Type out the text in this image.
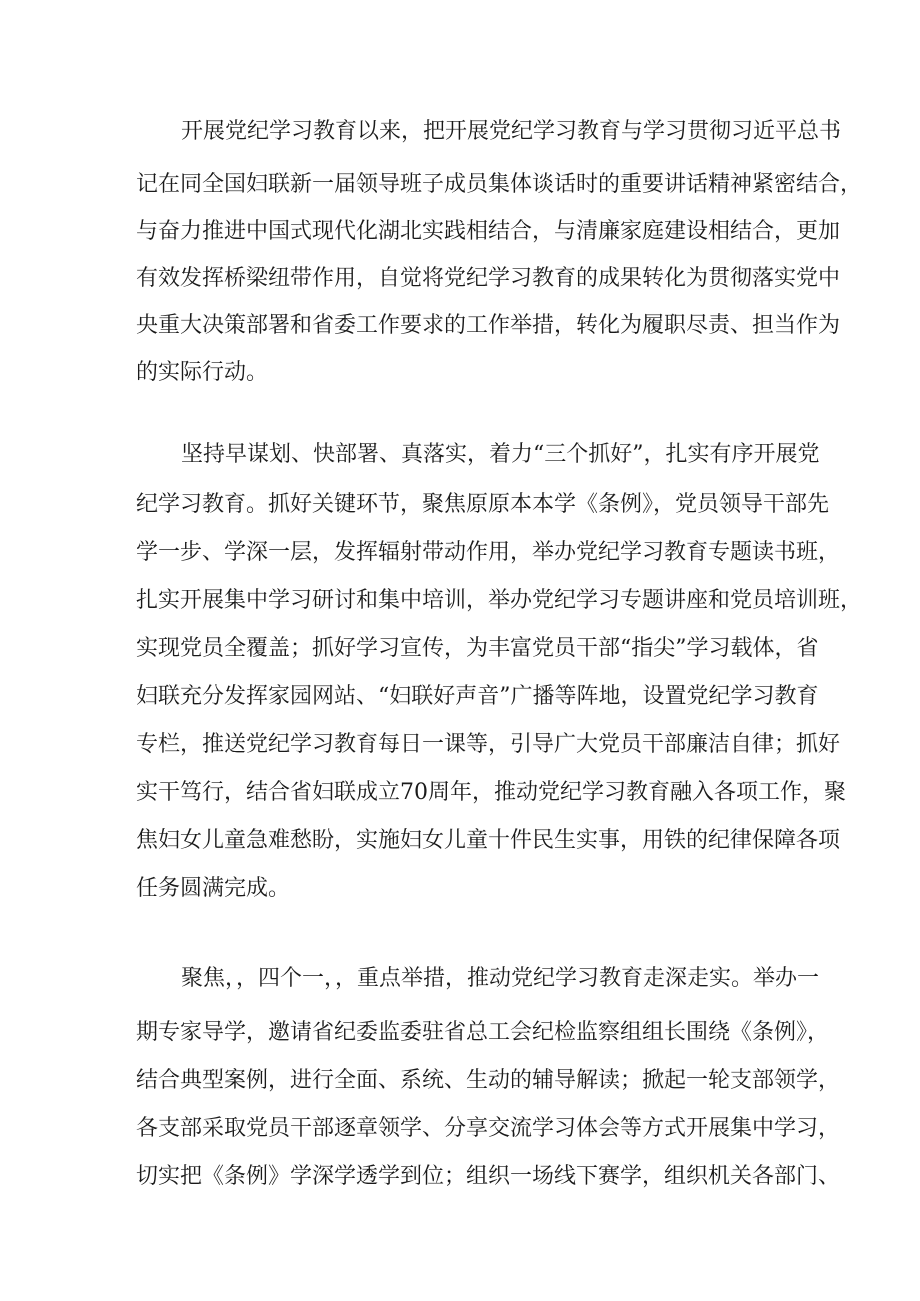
开展党纪学习教育以来，把开展党纪学习教育与学习贯彻习近平总书
记在同全国妇联新一届领导班子成员集体谈话时的重要讲话精神紧密结合，
与奋力推进中国式现代化湖北实践相结合，与清廉家庭建设相结合，更加
有效发挥桥梁纽带作用，自觉将党纪学习教育的成果转化为贯彻落实党中
央重大决策部署和省委工作要求的工作举措，转化为履职尽责、担当作为
的实际行动。
坚持早谋划、快部署、真落实，着力“三个抓好”，扎实有序开展党
纪学习教育。抓好关键环节，聚焦原原本本学《条例》，党员领导干部先
学一步、学深一层，发挥辐射带动作用，举办党纪学习教育专题读书班，
扎实开展集中学习研讨和集中培训，举办党纪学习专题讲座和党员培训班，
实现党员全覆盖；抓好学习宣传，为丰富党员干部“指尖”学习载体，省
妇联充分发挥家园网站、“妇联好声音”广播等阵地，设置党纪学习教育
专栏，推送党纪学习教育每日一课等，引导广大党员干部廉洁自律；抓好
实干笃行，结合省妇联成立70周年，推动党纪学习教育融入各项工作，聚
焦妇女儿童急难愁盼，实施妇女儿童十件民生实事，用铁的纪律保障各项
任务圆满完成。
聚焦，，四个一，，重点举措，推动党纪学习教育走深走实。举办一
期专家导学，邀请省纪委监委驻省总工会纪检监察组组长围绕《条例》，
结合典型案例，进行全面、系统、生动的辅导解读；掀起一轮支部领学，
各支部采取党员干部逐章领学、分享交流学习体会等方式开展集中学习，
切实把《条例》学深学透学到位；组织一场线下赛学，组织机关各部门、
